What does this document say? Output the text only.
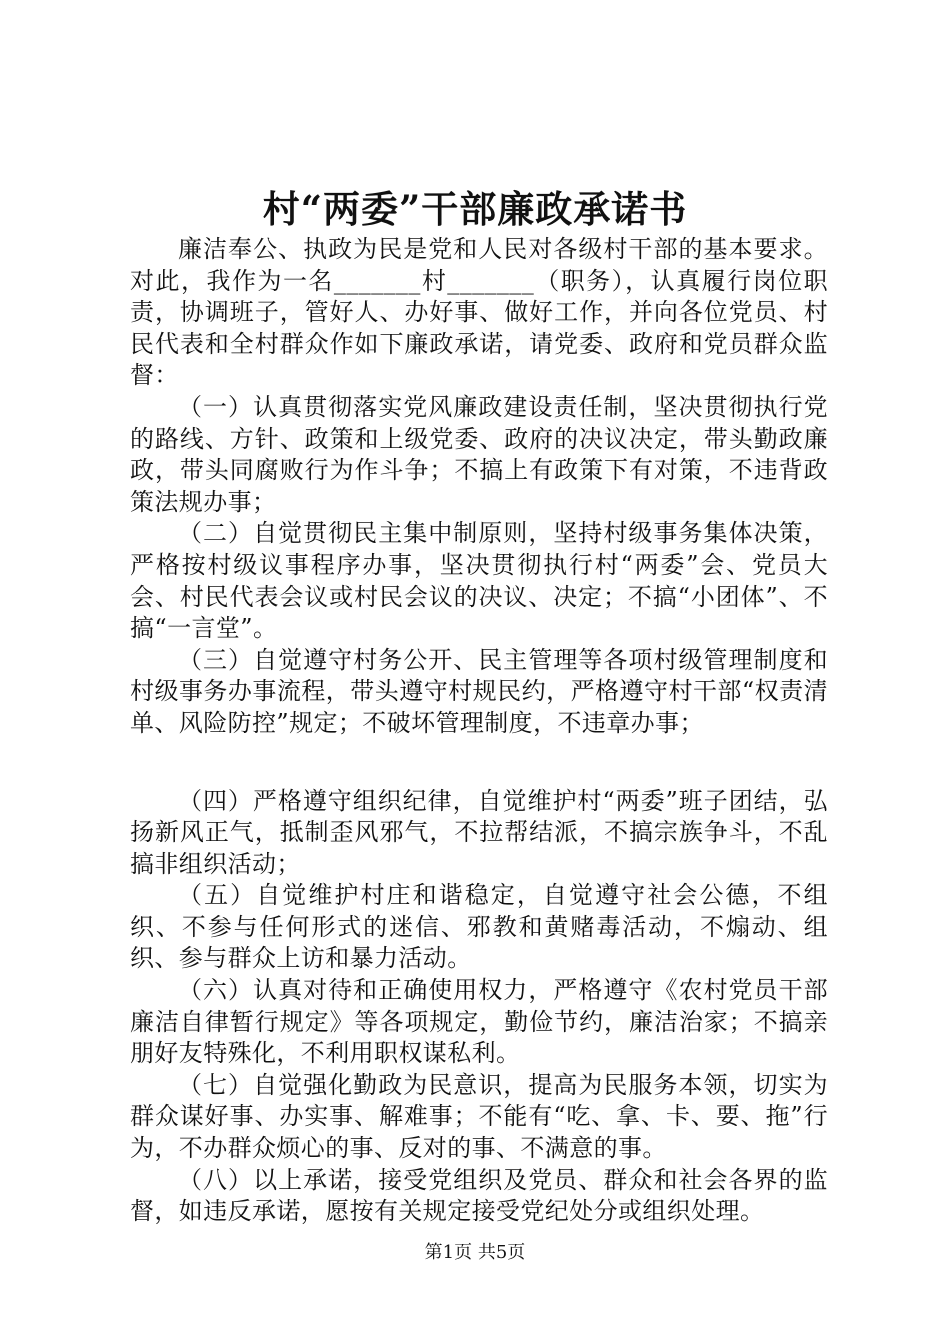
村“两委”干部廉政承诺书

廉洁奉公、执政为民是党和人民对各级村干部的基本要求。对此，我作为一名_______村_______（职务），认真履行岗位职责，协调班子，管好人、办好事、做好工作，并向各位党员、村民代表和全村群众作如下廉政承诺，请党委、政府和党员群众监督：

（一）认真贯彻落实党风廉政建设责任制，坚决贯彻执行党的路线、方针、政策和上级党委、政府的决议决定，带头勤政廉政，带头同腐败行为作斗争；不搞上有政策下有对策，不违背政策法规办事；

（二）自觉贯彻民主集中制原则，坚持村级事务集体决策，严格按村级议事程序办事，坚决贯彻执行村“两委”会、党员大会、村民代表会议或村民会议的决议、决定；不搞“小团体”、不搞“一言堂”。

（三）自觉遵守村务公开、民主管理等各项村级管理制度和村级事务办事流程，带头遵守村规民约，严格遵守村干部“权责清单、风险防控”规定；不破坏管理制度，不违章办事；

（四）严格遵守组织纪律，自觉维护村“两委”班子团结，弘扬新风正气，抵制歪风邪气，不拉帮结派，不搞宗族争斗，不乱搞非组织活动；

（五）自觉维护村庄和谐稳定，自觉遵守社会公德，不组织、不参与任何形式的迷信、邪教和黄赌毒活动，不煽动、组织、参与群众上访和暴力活动。

（六）认真对待和正确使用权力，严格遵守《农村党员干部廉洁自律暂行规定》等各项规定，勤俭节约，廉洁治家；不搞亲朋好友特殊化，不利用职权谋私利。

（七）自觉强化勤政为民意识，提高为民服务本领，切实为群众谋好事、办实事、解难事；不能有“吃、拿、卡、要、拖”行为，不办群众烦心的事、反对的事、不满意的事。

（八）以上承诺，接受党组织及党员、群众和社会各界的监督，如违反承诺，愿按有关规定接受党纪处分或组织处理。

第1页 共5页
